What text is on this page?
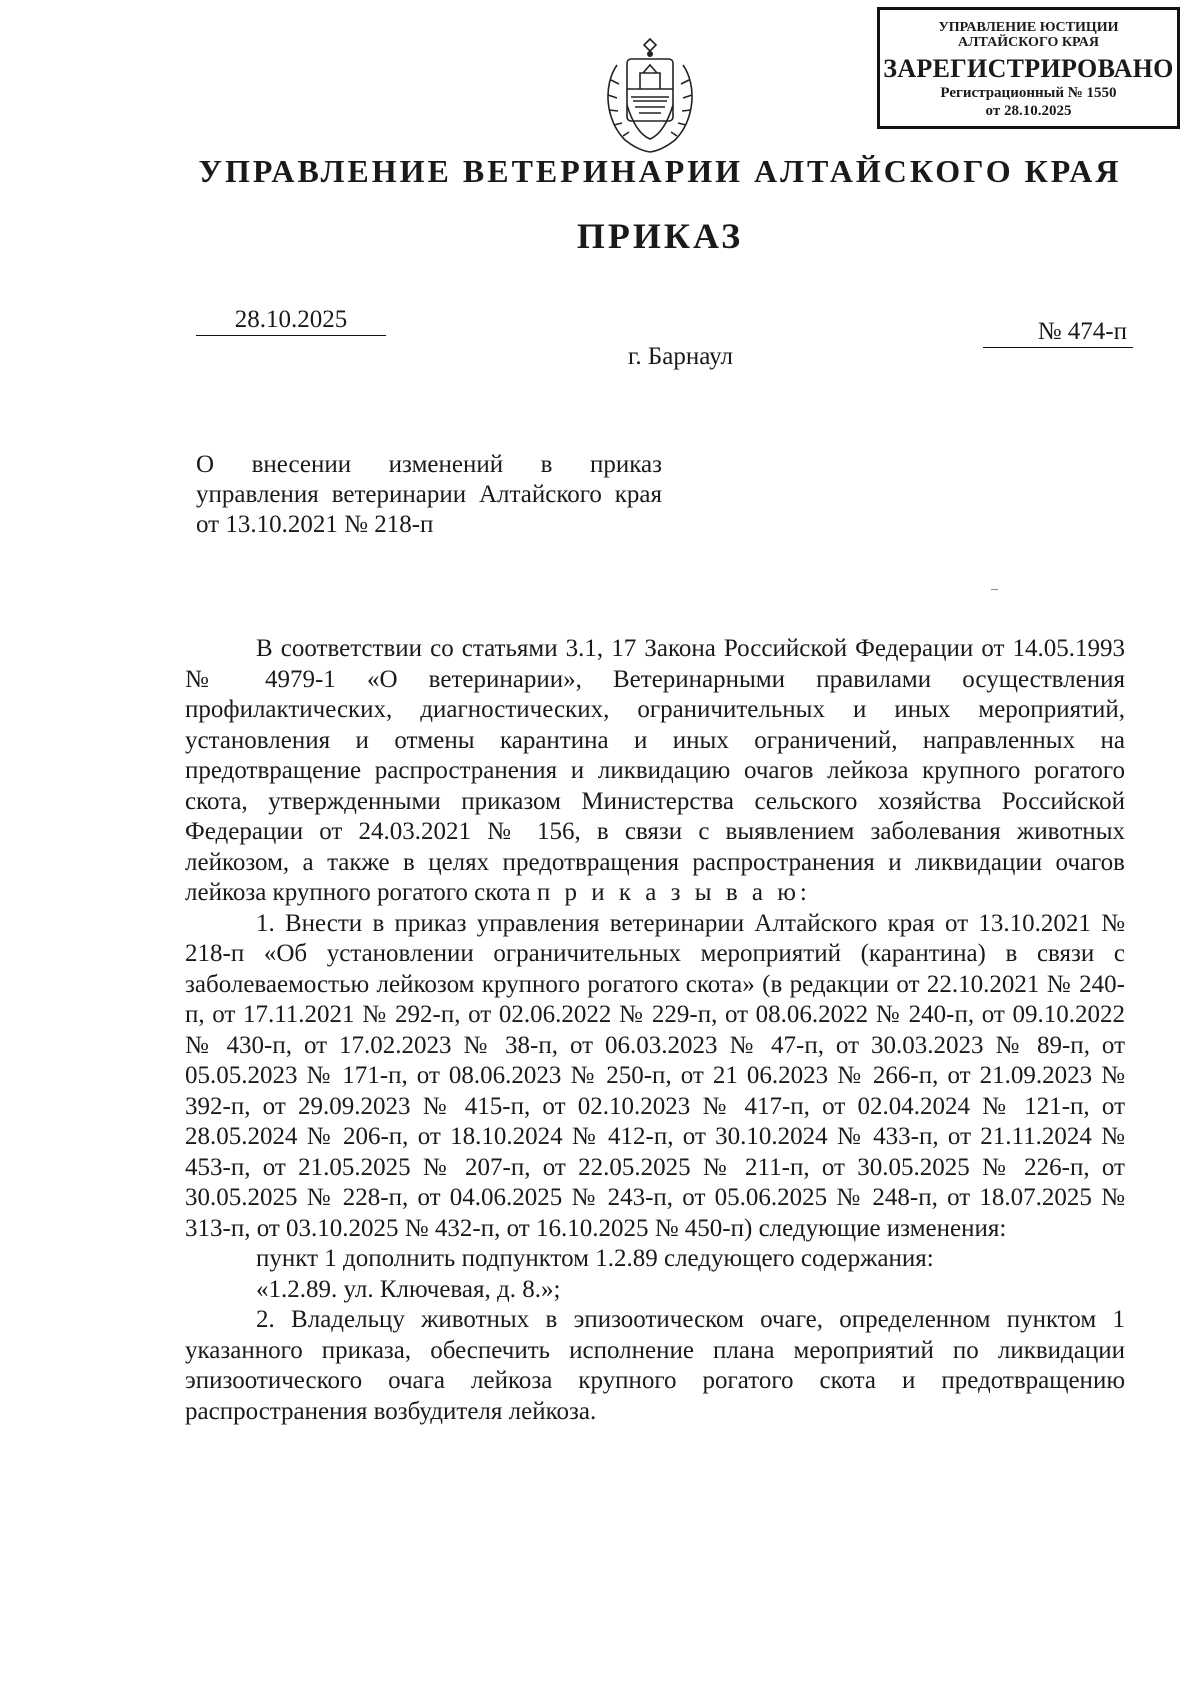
УПРАВЛЕНИЕ ЮСТИЦИИ
АЛТАЙСКОГО КРАЯ
ЗАРЕГИСТРИРОВАНО
Регистрационный № 1550
от 28.10.2025
УПРАВЛЕНИЕ ВЕТЕРИНАРИИ АЛТАЙСКОГО КРАЯ
ПРИКАЗ
28.10.2025	№ 474-п
г. Барнаул
О внесении изменений в приказ управления ветеринарии Алтайского края от 13.10.2021 № 218-п

В соответствии со статьями 3.1, 17 Закона Российской Федерации от 14.05.1993 № 4979-1 «О ветеринарии», Ветеринарными правилами осуществления профилактических, диагностических, ограничительных и иных мероприятий, установления и отмены карантина и иных ограничений, направленных на предотвращение распространения и ликвидацию очагов лейкоза крупного рогатого скота, утвержденными приказом Министерства сельского хозяйства Российской Федерации от 24.03.2021 № 156, в связи с выявлением заболевания животных лейкозом, а также в целях предотвращения распространения и ликвидации очагов лейкоза крупного рогатого скота п р и к а з ы в а ю:

1. Внести в приказ управления ветеринарии Алтайского края от 13.10.2021 № 218-п «Об установлении ограничительных мероприятий (карантина) в связи с заболеваемостью лейкозом крупного рогатого скота» (в редакции от 22.10.2021 № 240-п, от 17.11.2021 № 292-п, от 02.06.2022 № 229-п, от 08.06.2022 № 240-п, от 09.10.2022 № 430-п, от 17.02.2023 № 38-п, от 06.03.2023 № 47-п, от 30.03.2023 № 89-п, от 05.05.2023 № 171-п, от 08.06.2023 № 250-п, от 21 06.2023 № 266-п, от 21.09.2023 № 392-п, от 29.09.2023 № 415-п, от 02.10.2023 № 417-п, от 02.04.2024 № 121-п, от 28.05.2024 № 206-п, от 18.10.2024 № 412-п, от 30.10.2024 № 433-п, от 21.11.2024 № 453-п, от 21.05.2025 № 207-п, от 22.05.2025 № 211-п, от 30.05.2025 № 226-п, от 30.05.2025 № 228-п, от 04.06.2025 № 243-п, от 05.06.2025 № 248-п, от 18.07.2025 № 313-п, от 03.10.2025 № 432-п, от 16.10.2025 № 450-п) следующие изменения:

пункт 1 дополнить подпунктом 1.2.89 следующего содержания:

«1.2.89. ул. Ключевая, д. 8.»;

2. Владельцу животных в эпизоотическом очаге, определенном пунктом 1 указанного приказа, обеспечить исполнение плана мероприятий по ликвидации эпизоотического очага лейкоза крупного рогатого скота и предотвращению распространения возбудителя лейкоза.
